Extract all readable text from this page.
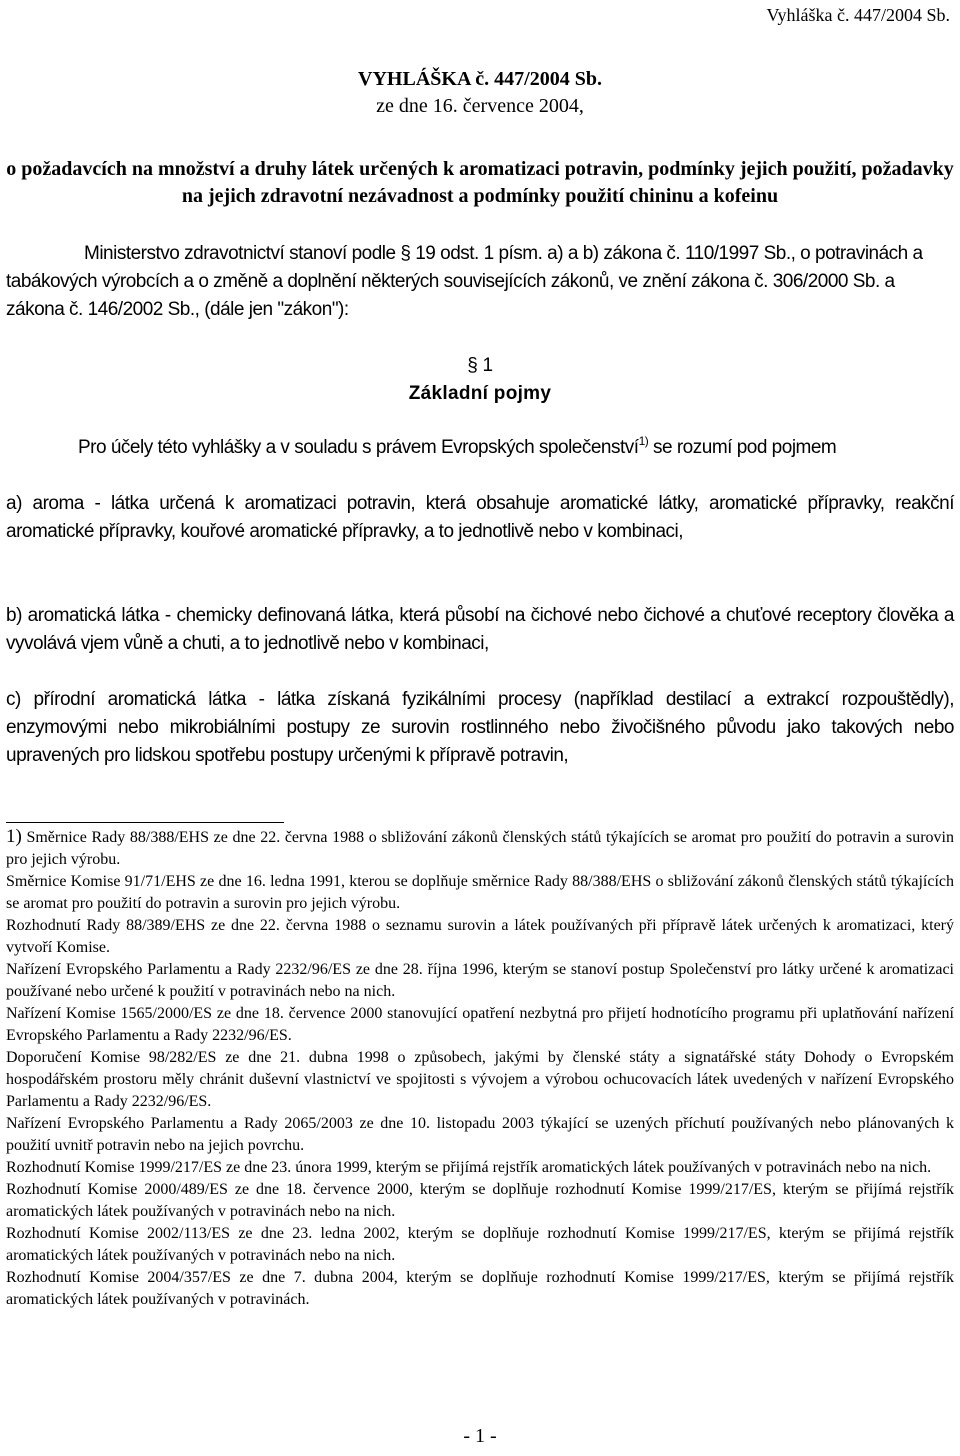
Vyhláška č. 447/2004 Sb.
VYHLÁŠKA č. 447/2004 Sb.
ze dne 16. července 2004,
o požadavcích na množství a druhy látek určených k aromatizaci potravin, podmínky jejich použití, požadavky na jejich zdravotní nezávadnost a podmínky použití chininu a kofeinu
Ministerstvo zdravotnictví stanoví podle § 19 odst. 1 písm. a) a b) zákona č. 110/1997 Sb., o potravinách a tabákových výrobcích a o změně a doplnění některých souvisejících zákonů, ve znění zákona č. 306/2000 Sb. a zákona č. 146/2002 Sb., (dále jen "zákon"):
§ 1
Základní pojmy
Pro účely této vyhlášky a v souladu s právem Evropských společenství$^{1)}$ se rozumí pod pojmem
a) aroma - látka určená k aromatizaci potravin, která obsahuje aromatické látky, aromatické přípravky, reakční aromatické přípravky, kouřové aromatické přípravky, a to jednotlivě nebo v kombinaci,
b) aromatická látka - chemicky definovaná látka, která působí na čichové nebo čichové a chuťové receptory člověka a vyvolává vjem vůně a chuti, a to jednotlivě nebo v kombinaci,
c) přírodní aromatická látka - látka získaná fyzikálními procesy (například destilací a extrakcí rozpouštědly), enzymovými nebo mikrobiálními postupy ze surovin rostlinného nebo živočišného původu jako takových nebo upravených pro lidskou spotřebu postupy určenými k přípravě potravin,
1) Směrnice Rady 88/388/EHS ze dne 22. června 1988 o sbližování zákonů členských států týkajících se aromat pro použití do potravin a surovin pro jejich výrobu.
Směrnice Komise 91/71/EHS ze dne 16. ledna 1991, kterou se doplňuje směrnice Rady 88/388/EHS o sbližování zákonů členských států týkajících se aromat pro použití do potravin a surovin pro jejich výrobu.
Rozhodnutí Rady 88/389/EHS ze dne 22. června 1988 o seznamu surovin a látek používaných při přípravě látek určených k aromatizaci, který vytvoří Komise.
Nařízení Evropského Parlamentu a Rady 2232/96/ES ze dne 28. října 1996, kterým se stanoví postup Společenství pro látky určené k aromatizaci používané nebo určené k použití v potravinách nebo na nich.
Nařízení Komise 1565/2000/ES ze dne 18. července 2000 stanovující opatření nezbytná pro přijetí hodnotícího programu při uplatňování nařízení Evropského Parlamentu a Rady 2232/96/ES.
Doporučení Komise 98/282/ES ze dne 21. dubna 1998 o způsobech, jakými by členské státy a signatářské státy Dohody o Evropském hospodářském prostoru měly chránit duševní vlastnictví ve spojitosti s vývojem a výrobou ochucovacích látek uvedených v nařízení Evropského Parlamentu a Rady 2232/96/ES.
Nařízení Evropského Parlamentu a Rady 2065/2003 ze dne 10. listopadu 2003 týkající se uzených příchutí používaných nebo plánovaných k použití uvnitř potravin nebo na jejich povrchu.
Rozhodnutí Komise 1999/217/ES ze dne 23. února 1999, kterým se přijímá rejstřík aromatických látek používaných v potravinách nebo na nich.
Rozhodnutí Komise 2000/489/ES ze dne 18. července 2000, kterým se doplňuje rozhodnutí Komise 1999/217/ES, kterým se přijímá rejstřík aromatických látek používaných v potravinách nebo na nich.
Rozhodnutí Komise 2002/113/ES ze dne 23. ledna 2002, kterým se doplňuje rozhodnutí Komise 1999/217/ES, kterým se přijímá rejstřík aromatických látek používaných v potravinách nebo na nich.
Rozhodnutí Komise 2004/357/ES ze dne 7. dubna 2004, kterým se doplňuje rozhodnutí Komise 1999/217/ES, kterým se přijímá rejstřík aromatických látek používaných v potravinách.
- 1 -
